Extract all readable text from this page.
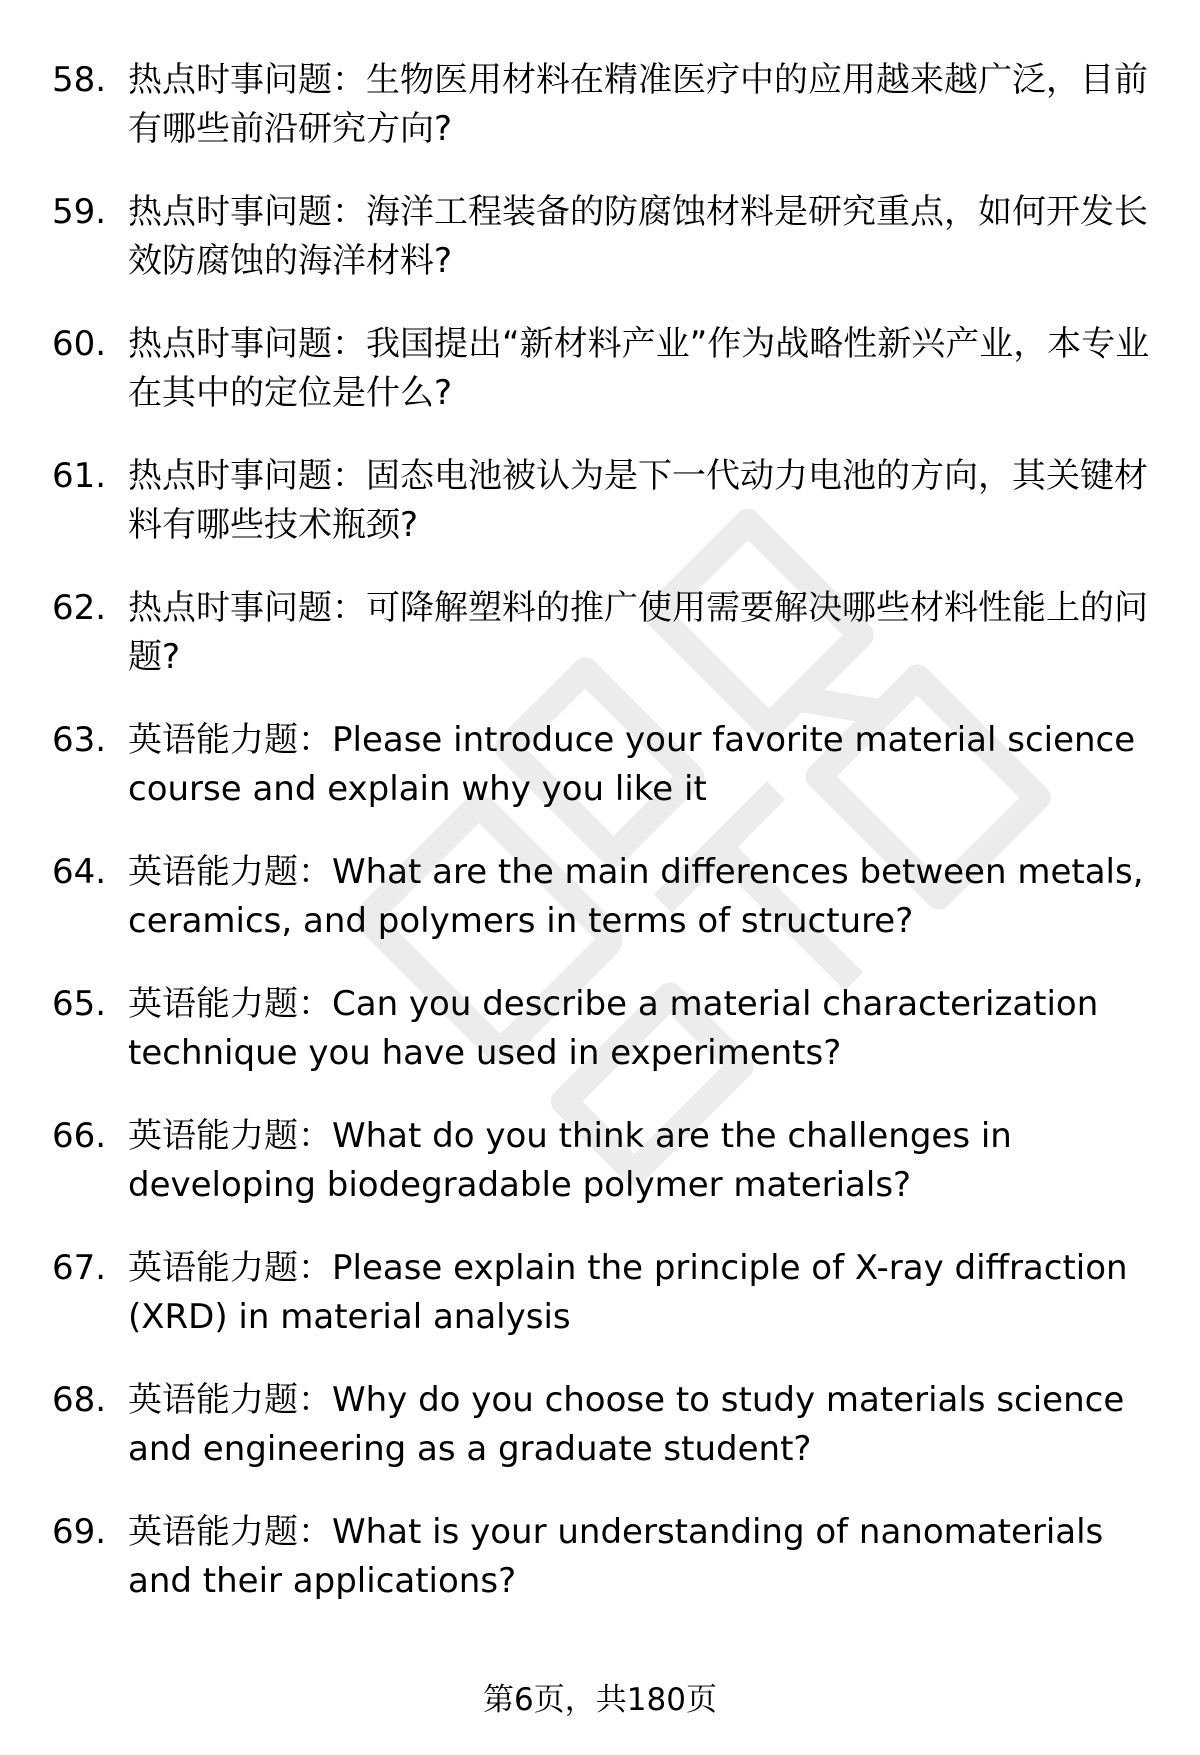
58. 热点时事问题：生物医用材料在精准医疗中的应用越来越广泛，目前有哪些前沿研究方向?
59. 热点时事问题：海洋工程装备的防腐蚀材料是研究重点，如何开发长效防腐蚀的海洋材料?
60. 热点时事问题：我国提出“新材料产业”作为战略性新兴产业，本专业在其中的定位是什么?
61. 热点时事问题：固态电池被认为是下一代动力电池的方向，其关键材料有哪些技术瓶颈?
62. 热点时事问题：可降解塑料的推广使用需要解决哪些材料性能上的问题?
63. 英语能力题：Please introduce your favorite material science course and explain why you like it
64. 英语能力题：What are the main differences between metals, ceramics, and polymers in terms of structure?
65. 英语能力题：Can you describe a material characterization technique you have used in experiments?
66. 英语能力题：What do you think are the challenges in developing biodegradable polymer materials?
67. 英语能力题：Please explain the principle of X-ray diffraction (XRD) in material analysis
68. 英语能力题：Why do you choose to study materials science and engineering as a graduate student?
69. 英语能力题：What is your understanding of nanomaterials and their applications?
第6页，共180页
